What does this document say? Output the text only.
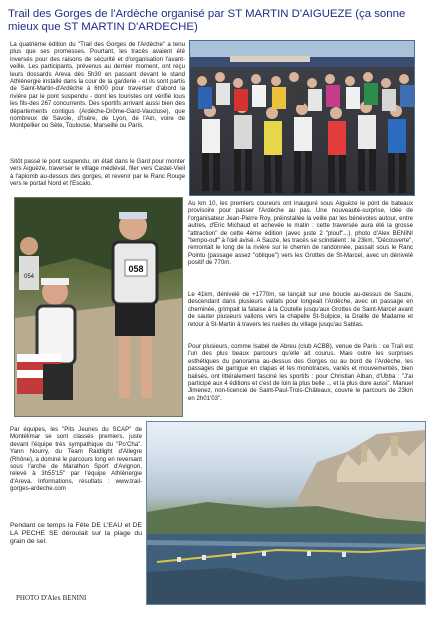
Trail des Gorges de l'Ardèche organisé par ST MARTIN D'AIGUEZE (ça sonne mieux que ST MARTIN D'ARDECHE)
La quatrième édition du "Trail des Gorges de l'Ardèche" a tenu plus que ses promesses. Pourtant, les tracés avaient été inversés pour des raisons de sécurité et d'organisation l'avant-veille. Les participants, prévenus au dernier moment, ont reçu leurs dossards Areva dès 5h30 en passant devant le stand Athlénergie installé dans la cour de la garderie - et ils sont partis de Saint-Martin-d'Ardèche à 6h00 pour traverser d'abord la rivière par le pont suspendu - dont les touristes ont vérifié tous les fils-des 267 concurrents. Des sportifs arrivant aussi bien des départements contigus (Ardèche-Drôme-Gard-Vaucluse), que nombreux de Savoie, d'Isère, de Lyon, de l'Ain, voire de Montpellier ou Sète, Toulouse, Marseille ou Paris.
Sitôt passé le pont suspendu, on était dans le Gard pour monter vers Aiguèze, traverser le village médiéval, filer vers Castel-Vieil à l'aplomb au-dessus des gorges, et revenir par le Ranc Rouge vers le portail Nord et l'Escalo.
Au km 10, les premiers coureurs ont inauguré sous Aiguèze le pont de bateaux provisoire pour passer l'Ardèche au pas. Une nouveauté-surprise, idée de l'organisateur Jean-Pierre Roy, préinstallée la veille par les bénévoles autour, entre autres, d'Eric Michaud et achevée le matin : cette traversée aura été la grosse "attraction" de cette 4ème édition (avec juste 2 "plouf"...). photo d'Alex BENINI "tempo-ouf" à l'œil avisé. A Sauze, les tracés se scindaient : le 23km, "Découverte", remontait le long de la rivière sur le chemin de randonnée, passait sous le Ranc Pointu (passage assez "oblique") vers les Grottes de St-Marcel, avec un dénivelé positif de 770m.
Le 41km, dénivelé de +1770m, se lançait sur une boucle au-dessus de Sauze, descendant dans plusieurs vallats pour longeait l'Ardèche, avec un passage en cheminée, grimpait la falaise à la Coutelle jusqu'aux Grottes de Saint-Marcel avant de sauter plusieurs vallons vers la chapelle St-Sulpice, la Draille de Madame et retour à St-Martin à travers les ruelles du village jusqu'au Sablas.
Pour plusieurs, comme Isabel de Abreu (club ACBB), venue de Paris : ce Trail est l'un des plus beaux parcours qu'elle ait courus. Mais outre les surprises esthétiques du panorama au-dessus des Gorges ou au bord de l'Ardèche, les passages de garrigue en clapas et les monotraces, variés et mouvementés, bien balisés, ont littéralement fasciné les sportifs : pour Christian Alban, d'Ubba : "J'ai participé aux 4 éditions et c'est de loin la plus belle ... et la plus dure aussi". Manuel Jimenez, non-licencié de Saint-Paul-Trois-Châteaux, couvre le parcours de 23km en 2h01'03".
058
054
Par équipes, les "Pits Jeunes du SCAP" de Montélimar se sont classés premiers, juste devant l'équipe très sympathique du "Po'Cha". Yann Nourry, du Team Raidlight d'Allegre (Rhône), a dominé le parcours long en reversant sous l'arche de Marathon Sport d'Avignon, relevé à 3h55'15" par l'équipe Athlénergie d'Areva. Informations, résultats : www.trail-gorges-ardeche.com
Pendant ce temps la Fête DE L'EAU et DE LA PECHE SE déroulait sur la plage du grain de sel.
PHOTO D'Alex BENINI
